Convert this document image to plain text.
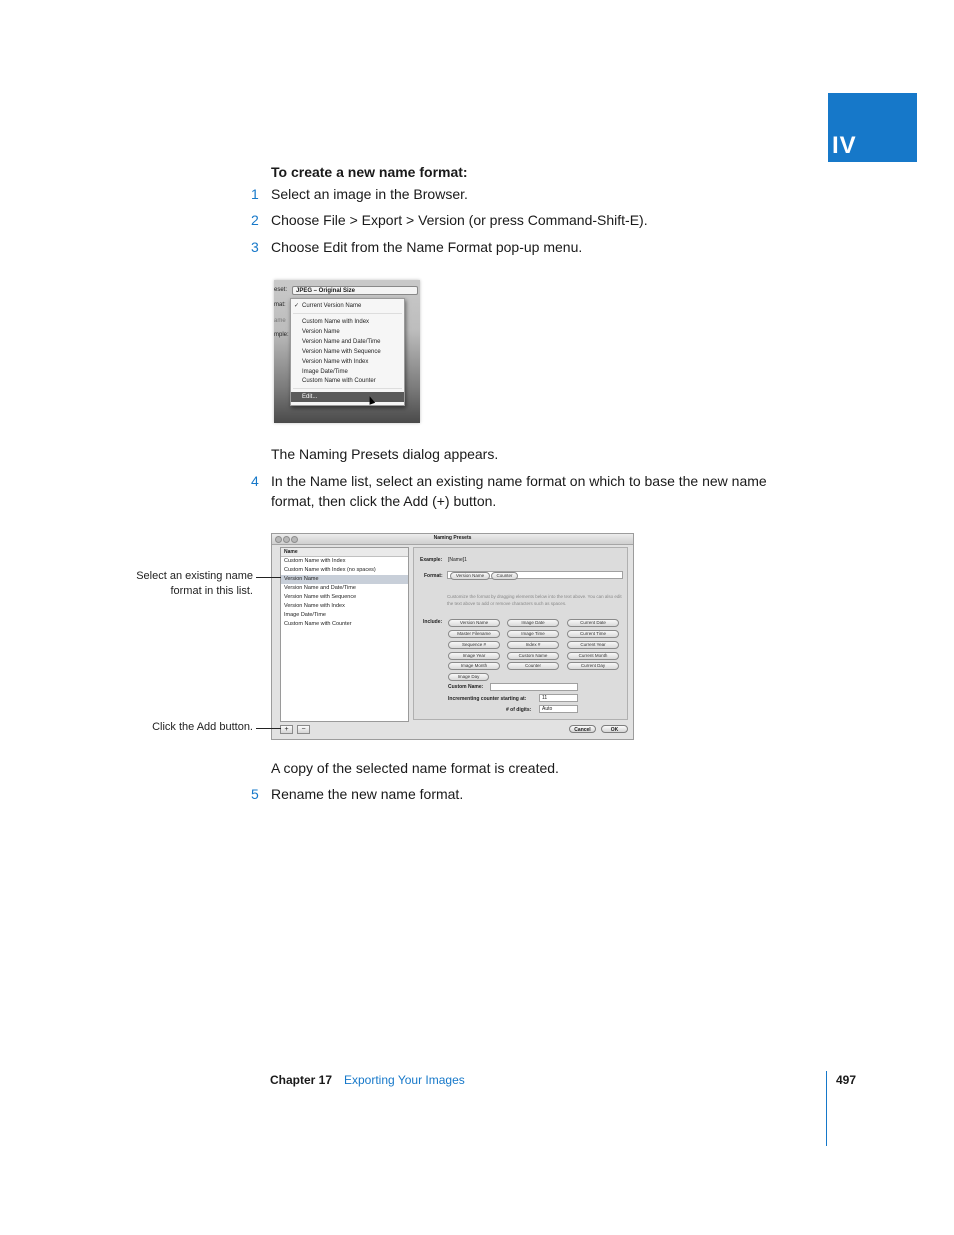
IV
To create a new name format:
1 Select an image in the Browser.
2 Choose File > Export > Version (or press Command-Shift-E).
3 Choose Edit from the Name Format pop-up menu.
eset:	JPEG – Original Size
mat:
ame
mple:
✓ Current Version Name
Custom Name with Index
Version Name
Version Name and Date/Time
Version Name with Sequence
Version Name with Index
Image Date/Time
Custom Name with Counter
Edit...
The Naming Presets dialog appears.
4 In the Name list, select an existing name format on which to base the new name format, then click the Add (+) button.
Naming Presets
Name
Custom Name with Index
Custom Name with Index (no spaces)
Version Name
Version Name and Date/Time
Version Name with Sequence
Version Name with Index
Image Date/Time
Custom Name with Counter
Example: [Name]1
Format:	Version Name	Counter
Customize the format by dragging elements below into the text above. You can also edit the text above to add or remove characters such as spaces.
Include:	Version Name	Image Date	Current Date
Master Filename	Image Time	Current Time
Sequence #	Index #	Current Year
Image Year	Custom Name	Current Month
Image Month	Counter	Current Day
Image Day
Custom Name:
Incrementing counter starting at:	11
# of digits:	Auto
+	−	Cancel	OK
Select an existing name
format in this list.
Click the Add button.
A copy of the selected name format is created.
5 Rename the new name format.
Chapter 17 Exporting Your Images	497
